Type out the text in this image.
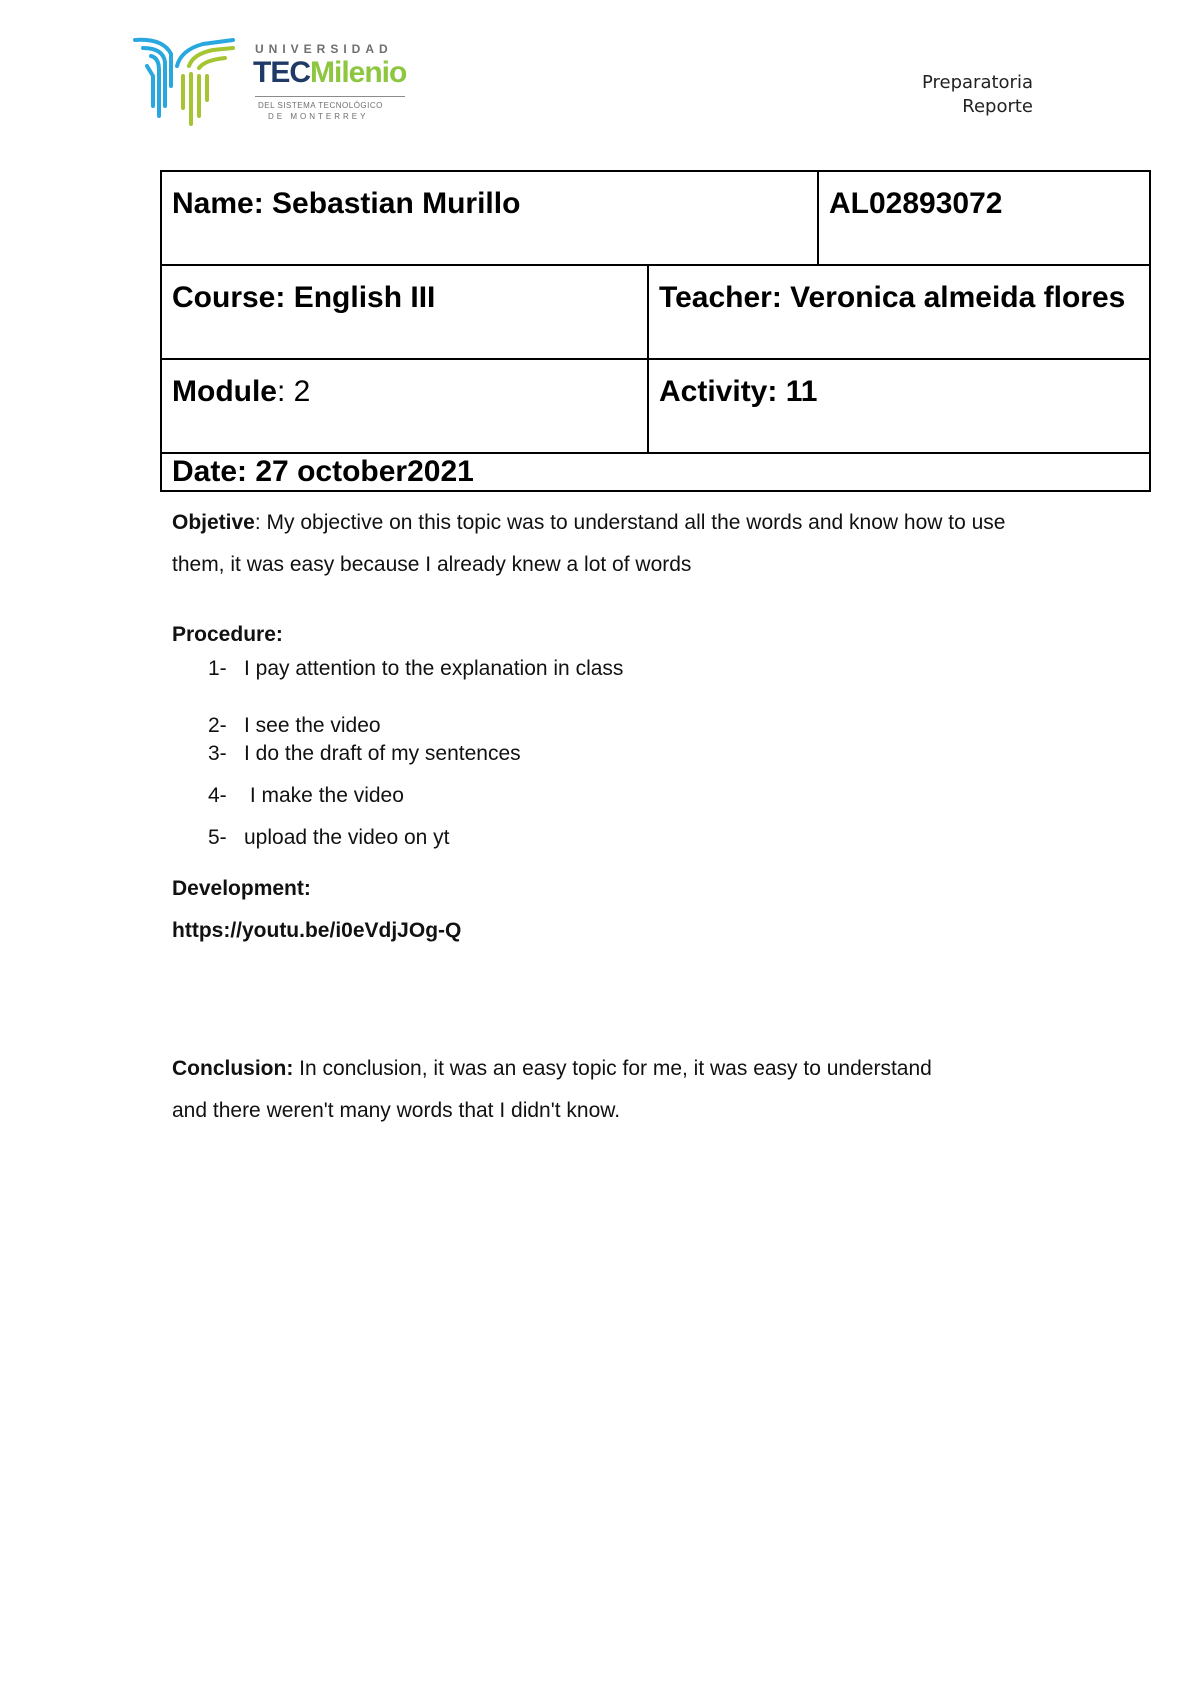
UNIVERSIDAD
TECMilenio
DEL SISTEMA TECNOLÓGICO
DE MONTERREY
Preparatoria
Reporte
Name: Sebastian Murillo		AL02893072
Course: English III	Teacher: Veronica almeida flores	
Module: 2	Activity: 11	
Date: 27 october2021		

Objetive: My objective on this topic was to understand all the words and know how to use them, it was easy because I already knew a lot of words

Procedure:

1- I pay attention to the explanation in class
2- I see the video
3- I do the draft of my sentences
4- I make the video
5- upload the video on yt

Development:

https://youtu.be/i0eVdjJOg-Q

Conclusion: In conclusion, it was an easy topic for me, it was easy to understand and there weren't many words that I didn't know.
